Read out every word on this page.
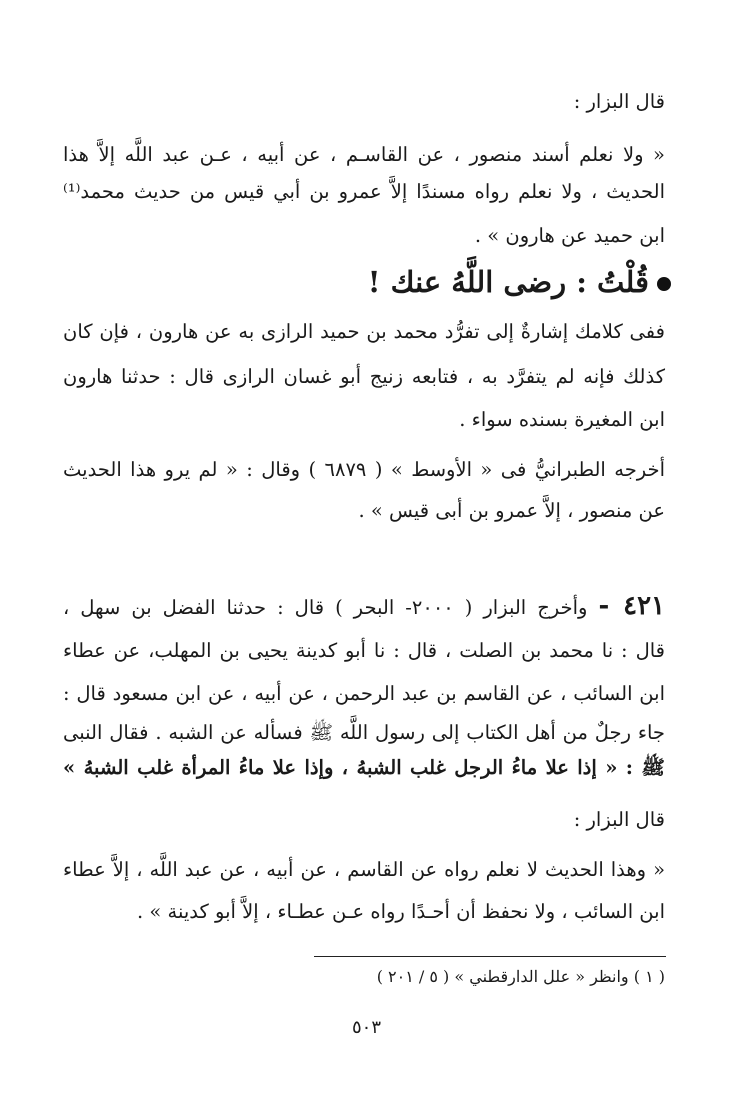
قال البزار :
« ولا نعلم أسند منصور ، عن القاسـم ، عن أبيه ، عـن عبد اللَّه إلاَّ هذا
الحديث ، ولا نعلم رواه مسندًا إلاَّ عمرو بن أبي قيس من حديث محمد⁽¹⁾
ابن حميد عن هارون » .
قُلْتُ : رضى اللَّهُ عنك !
ففى كلامك إشارةٌ إلى تفرُّد محمد بن حميد الرازى به عن هارون ، فإن كان
كذلك فإنه لم يتفرَّد به ، فتابعه زنيج أبو غسان الرازى قال : حدثنا هارون
ابن المغيرة بسنده سواء .
أخرجه الطبرانيُّ فى « الأوسط » ( ٦٨٧٩ ) وقال : « لم يرو هذا الحديث
عن منصور ، إلاَّ عمرو بن أبى قيس » .
٤٢١ - وأخرج البزار ( ٢٠٠٠- البحر ) قال : حدثنا الفضل بن سهل ،
قال : نا محمد بن الصلت ، قال : نا أبو كدينة يحيى بن المهلب، عن عطاء
ابن السائب ، عن القاسم بن عبد الرحمن ، عن أبيه ، عن ابن مسعود قال :
جاء رجلٌ من أهل الكتاب إلى رسول اللَّه ﷺ فسأله عن الشبه . فقال النبى
ﷺ : « إذا علا ماءُ الرجل غلب الشبهُ ، وإذا علا ماءُ المرأة غلب الشبهُ »
قال البزار :
« وهذا الحديث لا نعلم رواه عن القاسم ، عن أبيه ، عن عبد اللَّه ، إلاَّ عطاء
ابن السائب ، ولا نحفظ أن أحـدًا رواه عـن عطـاء ، إلاَّ أبو كدينة » .
( ١ ) وانظر « علل الدارقطني » ( ٥ / ٢٠١ )
٥٠٣
